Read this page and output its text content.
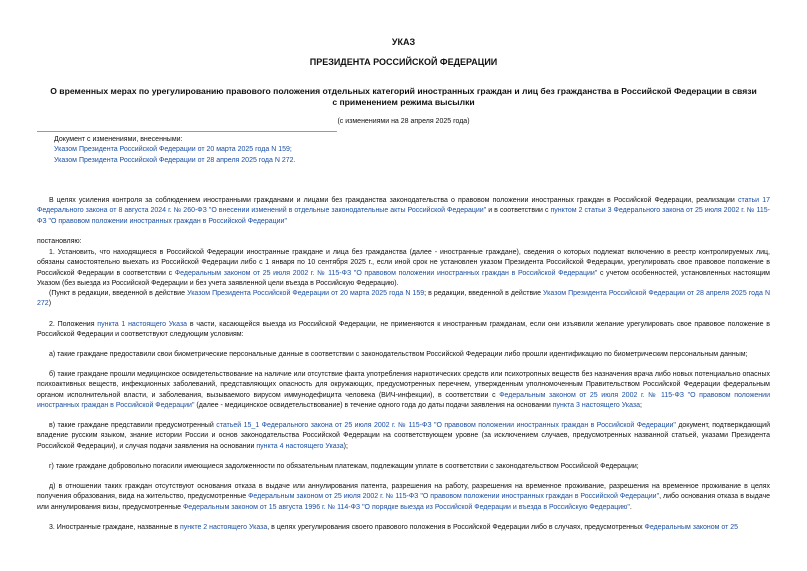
УКАЗ
ПРЕЗИДЕНТА РОССИЙСКОЙ ФЕДЕРАЦИИ
О временных мерах по урегулированию правового положения отдельных категорий иностранных граждан и лиц без гражданства в Российской Федерации в связи
с применением режима высылки
(с изменениями на 28 апреля 2025 года)
Документ с изменениями, внесенными:
Указом Президента Российской Федерации от 20 марта 2025 года N 159;
Указом Президента Российской Федерации от 28 апреля 2025 года N 272.

В целях усиления контроля за соблюдением иностранными гражданами и лицами без гражданства законодательства о правовом положении иностранных граждан в Российской Федерации, реализации статьи 17 Федерального закона от 8 августа 2024 г. № 260-ФЗ "О внесении изменений в отдельные законодательные акты Российской Федерации" и в соответствии с пунктом 2 статьи 3 Федерального закона от 25 июля 2002 г. № 115-ФЗ "О правовом положении иностранных граждан в Российской Федерации"

постановляю:

1. Установить, что находящиеся в Российской Федерации иностранные граждане и лица без гражданства (далее - иностранные граждане), сведения о которых подлежат включению в реестр контролируемых лиц, обязаны самостоятельно выехать из Российской Федерации либо с 1 января по 10 сентября 2025 г., если иной срок не установлен указом Президента Российской Федерации, урегулировать свое правовое положение в Российской Федерации в соответствии с Федеральным законом от 25 июля 2002 г. № 115-ФЗ "О правовом положении иностранных граждан в Российской Федерации" с учетом особенностей, установленных настоящим Указом (без выезда из Российской Федерации и без учета заявленной цели въезда в Российскую Федерацию).

(Пункт в редакции, введенной в действие Указом Президента Российской Федерации от 20 марта 2025 года N 159; в редакции, введенной в действие Указом Президента Российской Федерации от 28 апреля 2025 года N 272)

2. Положения пункта 1 настоящего Указа в части, касающейся выезда из Российской Федерации, не применяются к иностранным гражданам, если они изъявили желание урегулировать свое правовое положение в Российской Федерации и соответствуют следующим условиям:

а) такие граждане предоставили свои биометрические персональные данные в соответствии с законодательством Российской Федерации либо прошли идентификацию по биометрическим персональным данным;

б) такие граждане прошли медицинское освидетельствование на наличие или отсутствие факта употребления наркотических средств или психотропных веществ без назначения врача либо новых потенциально опасных психоактивных веществ, инфекционных заболеваний, представляющих опасность для окружающих, предусмотренных перечнем, утвержденным уполномоченным Правительством Российской Федерации федеральным органом исполнительной власти, и заболевания, вызываемого вирусом иммунодефицита человека (ВИЧ-инфекции), в соответствии с Федеральным законом от 25 июля 2002 г. № 115-ФЗ "О правовом положении иностранных граждан в Российской Федерации" (далее - медицинское освидетельствование) в течение одного года до даты подачи заявления на основании пункта 3 настоящего Указа;

в) такие граждане представили предусмотренный статьей 15_1 Федерального закона от 25 июля 2002 г. № 115-ФЗ "О правовом положении иностранных граждан в Российской Федерации" документ, подтверждающий владение русским языком, знание истории России и основ законодательства Российской Федерации на соответствующем уровне (за исключением случаев, предусмотренных названной статьей, указами Президента Российской Федерации), и случая подачи заявления на основании пункта 4 настоящего Указа);

г) такие граждане добровольно погасили имеющиеся задолженности по обязательным платежам, подлежащим уплате в соответствии с законодательством Российской Федерации;

д) в отношении таких граждан отсутствуют основания отказа в выдаче или аннулирования патента, разрешения на работу, разрешения на временное проживание, разрешения на временное проживание в целях получения образования, вида на жительство, предусмотренные Федеральным законом от 25 июля 2002 г. № 115-ФЗ "О правовом положении иностранных граждан в Российской Федерации", либо основания отказа в выдаче или аннулирования визы, предусмотренные Федеральным законом от 15 августа 1996 г. № 114-ФЗ "О порядке выезда из Российской Федерации и въезда в Российскую Федерацию".

3. Иностранные граждане, названные в пункте 2 настоящего Указа, в целях урегулирования своего правового положения в Российской Федерации либо в случаях, предусмотренных Федеральным законом от 25
